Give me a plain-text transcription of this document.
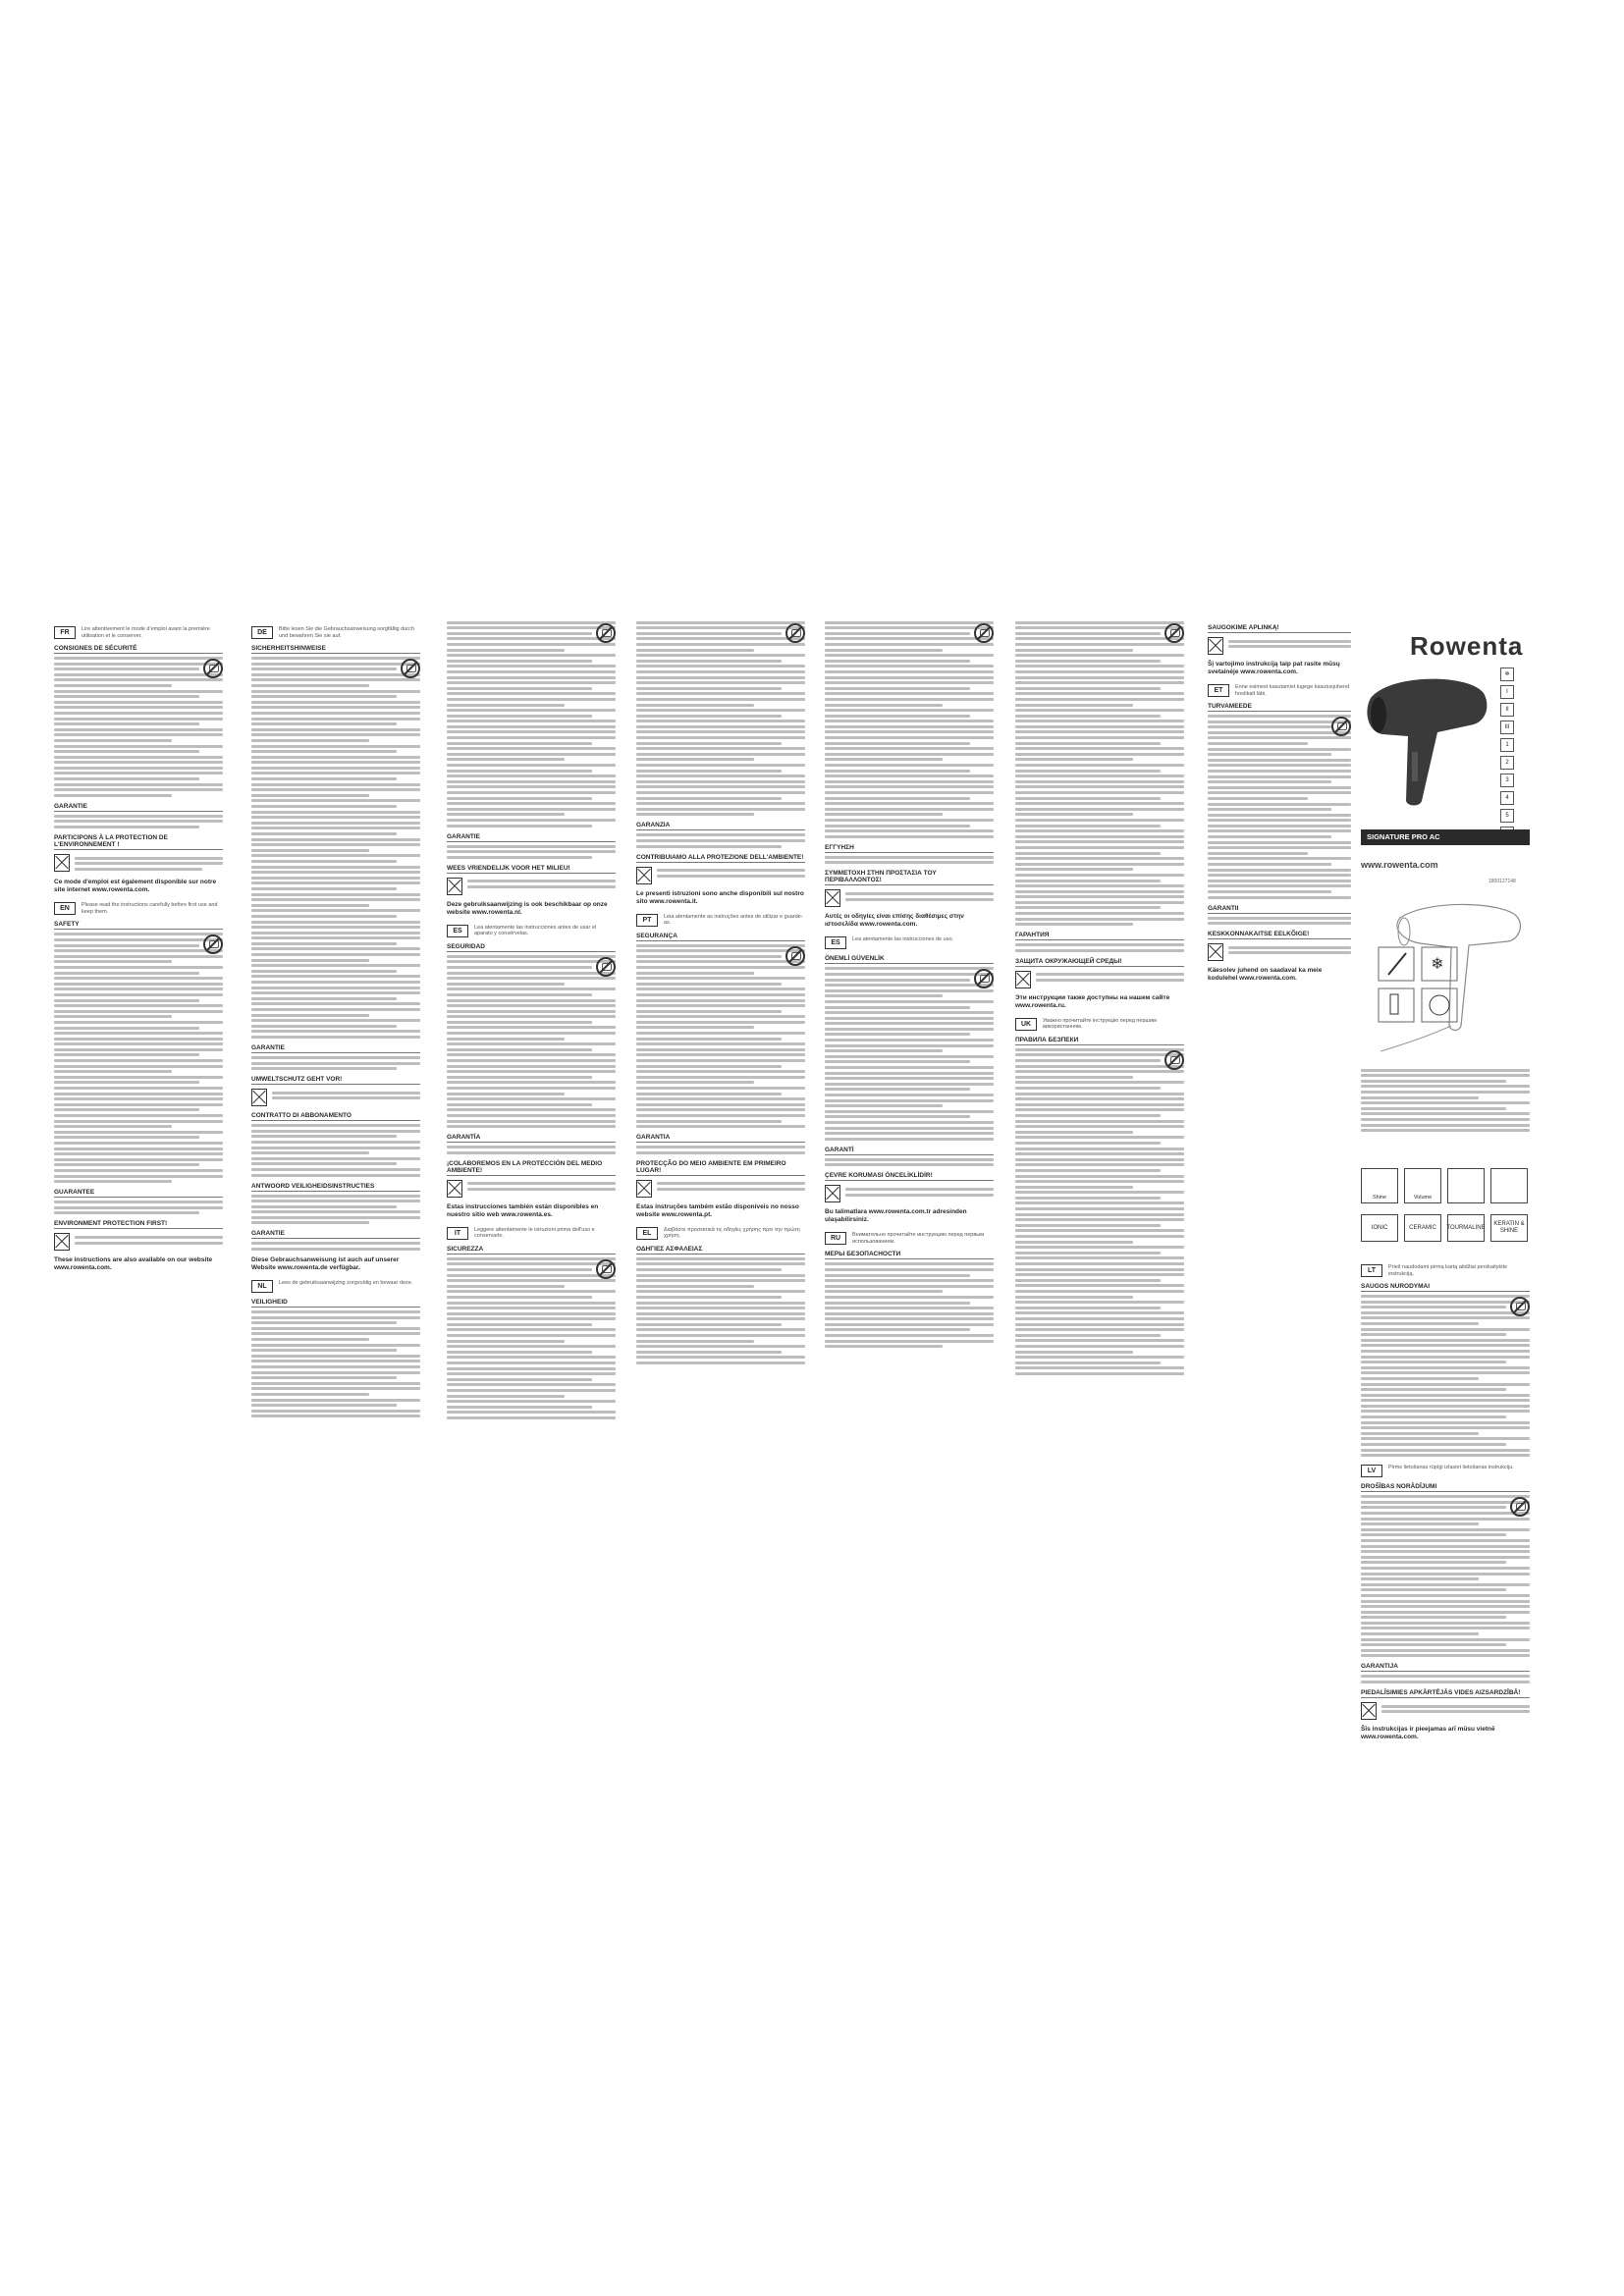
FR	Lire attentivement le mode d’emploi avant la première utilisation et le conserver.
CONSIGNES DE SÉCURITÉ
GARANTIE
PARTICIPONS À LA PROTECTION DE L'ENVIRONNEMENT !
Ce mode d'emploi est également disponible sur notre site internet www.rowenta.com.
EN	Please read the instructions carefully before first use and keep them.
SAFETY
GUARANTEE
ENVIRONMENT PROTECTION FIRST!
These instructions are also available on our website www.rowenta.com.
DE	Bitte lesen Sie die Gebrauchsanweisung sorgfältig durch und bewahren Sie sie auf.
SICHERHEITSHINWEISE
GARANTIE
UMWELTSCHUTZ GEHT VOR!
CONTRATTO DI ABBONAMENTO
ANTWOORD VEILIGHEIDSINSTRUCTIES
GARANTIE
Diese Gebrauchsanweisung ist auch auf unserer Website www.rowenta.de verfügbar.
NL	Lees de gebruiksaanwijzing zorgvuldig en bewaar deze.
VEILIGHEID
GARANTIE
WEES VRIENDELIJK VOOR HET MILIEU!
Deze gebruiksaanwijzing is ook beschikbaar op onze website www.rowenta.nl.
ES	Lea atentamente las instrucciones antes de usar el aparato y consérvelas.
SEGURIDAD
GARANTÍA
¡COLABOREMOS EN LA PROTECCIÓN DEL MEDIO AMBIENTE!
Estas instrucciones también están disponibles en nuestro sitio web www.rowenta.es.
IT	Leggere attentamente le istruzioni prima dell'uso e conservarle.
SICUREZZA
GARANZIA
CONTRIBUIAMO ALLA PROTEZIONE DELL'AMBIENTE!
Le presenti istruzioni sono anche disponibili sul nostro sito www.rowenta.it.
PT	Leia atentamente as instruções antes de utilizar e guarde-as.
SEGURANÇA
GARANTIA
PROTECÇÃO DO MEIO AMBIENTE EM PRIMEIRO LUGAR!
Estas instruções também estão disponíveis no nosso website www.rowenta.pt.
EL	Διαβάστε προσεκτικά τις οδηγίες χρήσης πριν την πρώτη χρήση.
ΟΔΗΓΙΕΣ ΑΣΦΑΛΕΙΑΣ
ΕΓΓΥΗΣΗ
ΣΥΜΜΕΤΟΧΗ ΣΤΗΝ ΠΡΟΣΤΑΣΙΑ ΤΟΥ ΠΕΡΙΒΑΛΛΟΝΤΟΣ!
Αυτές οι οδηγίες είναι επίσης διαθέσιμες στην ιστοσελίδα www.rowenta.com.
ES	Lea atentamente las instrucciones de uso.
ÖNEMLİ GÜVENLİK
GARANTİ
ÇEVRE KORUMASI ÖNCELİKLİDİR!
Bu talimatlara www.rowenta.com.tr adresinden ulaşabilirsiniz.
RU	Внимательно прочитайте инструкцию перед первым использованием.
МЕРЫ БЕЗОПАСНОСТИ
ГАРАНТИЯ
ЗАЩИТА ОКРУЖАЮЩЕЙ СРЕДЫ!
Эти инструкции также доступны на нашем сайте www.rowenta.ru.
UK	Уважно прочитайте інструкцію перед першим використанням.
ПРАВИЛА БЕЗПЕКИ
SAUGOKIME APLINKĄ!
Šį vartojimo instrukciją taip pat rasite mūsų svetainėje www.rowenta.com.
ET	Enne esimest kasutamist lugege kasutusjuhend hoolikalt läbi.
TURVAMEEDE
GARANTII
KESKKONNAKAITSE EELKÕIGE!
Käesolev juhend on saadaval ka meie kodulehel www.rowenta.com.
Rowenta
❄
I
II
III
1
2
3
4
5
SIGNATURE PRO AC
www.rowenta.com
1800127148
❄
Shine	Volume
IONIC	CERAMIC	TOURMALINE
KERATIN & SHINE
LT	Prieš naudodami pirmą kartą atidžiai perskaitykite instrukciją.
SAUGOS NURODYMAI
LV	Pirms lietošanas rūpīgi izlasiet lietošanas instrukciju.
DROŠĪBAS NORĀDĪJUMI
GARANTIJA
PIEDALĪSIMIES APKĀRTĒJĀS VIDES AIZSARDZĪBĀ!
Šīs instrukcijas ir pieejamas arī mūsu vietnē www.rowenta.com.
